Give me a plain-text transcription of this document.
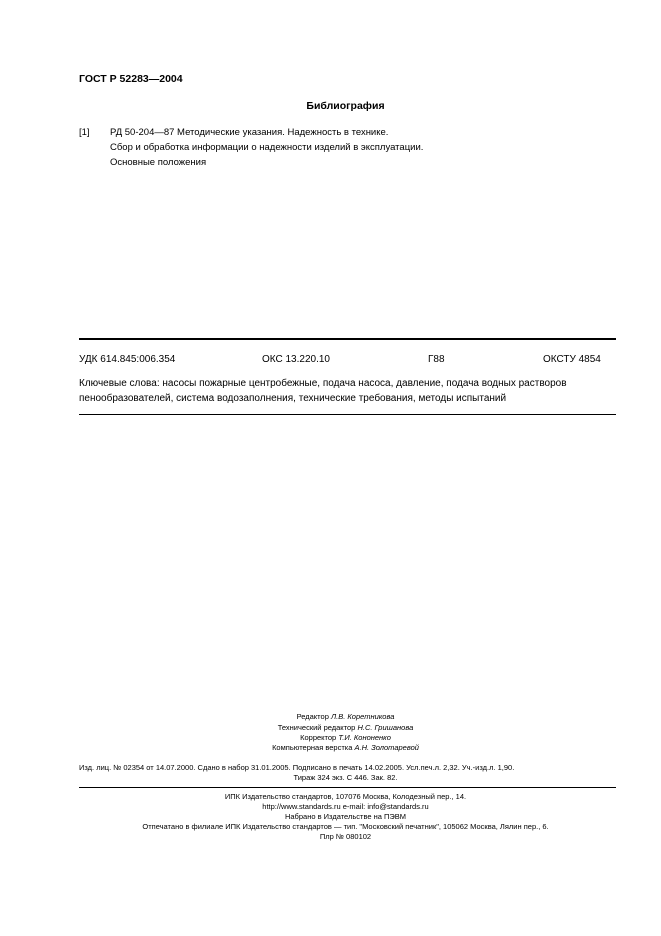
ГОСТ Р 52283—2004
Библиография
[1] РД 50-204—87 Методические указания. Надежность в технике.
Сбор и обработка информации о надежности изделий в эксплуатации.
Основные положения
УДК 614.845:006.354	ОКС 13.220.10	Г88	ОКСТУ 4854
Ключевые слова: насосы пожарные центробежные, подача насоса, давление, подача водных растворов
пенообразователей, система водозаполнения, технические требования, методы испытаний
Редактор Л.В. Коретникова
Технический редактор Н.С. Гришанова
Корректор Т.И. Кононенко
Компьютерная верстка А.Н. Золотаревой
Изд. лиц. № 02354 от 14.07.2000. Сдано в набор 31.01.2005. Подписано в печать 14.02.2005. Усл.печ.л. 2,32. Уч.-изд.л. 1,90.
Тираж 324 экз. С 446. Зак. 82.
ИПК Издательство стандартов, 107076 Москва, Колодезный пер., 14.
http://www.standards.ru e-mail: info@standards.ru
Набрано в Издательстве на ПЭВМ
Отпечатано в филиале ИПК Издательство стандартов — тип. "Московский печатник", 105062 Москва, Лялин пер., 6.
Плр № 080102
